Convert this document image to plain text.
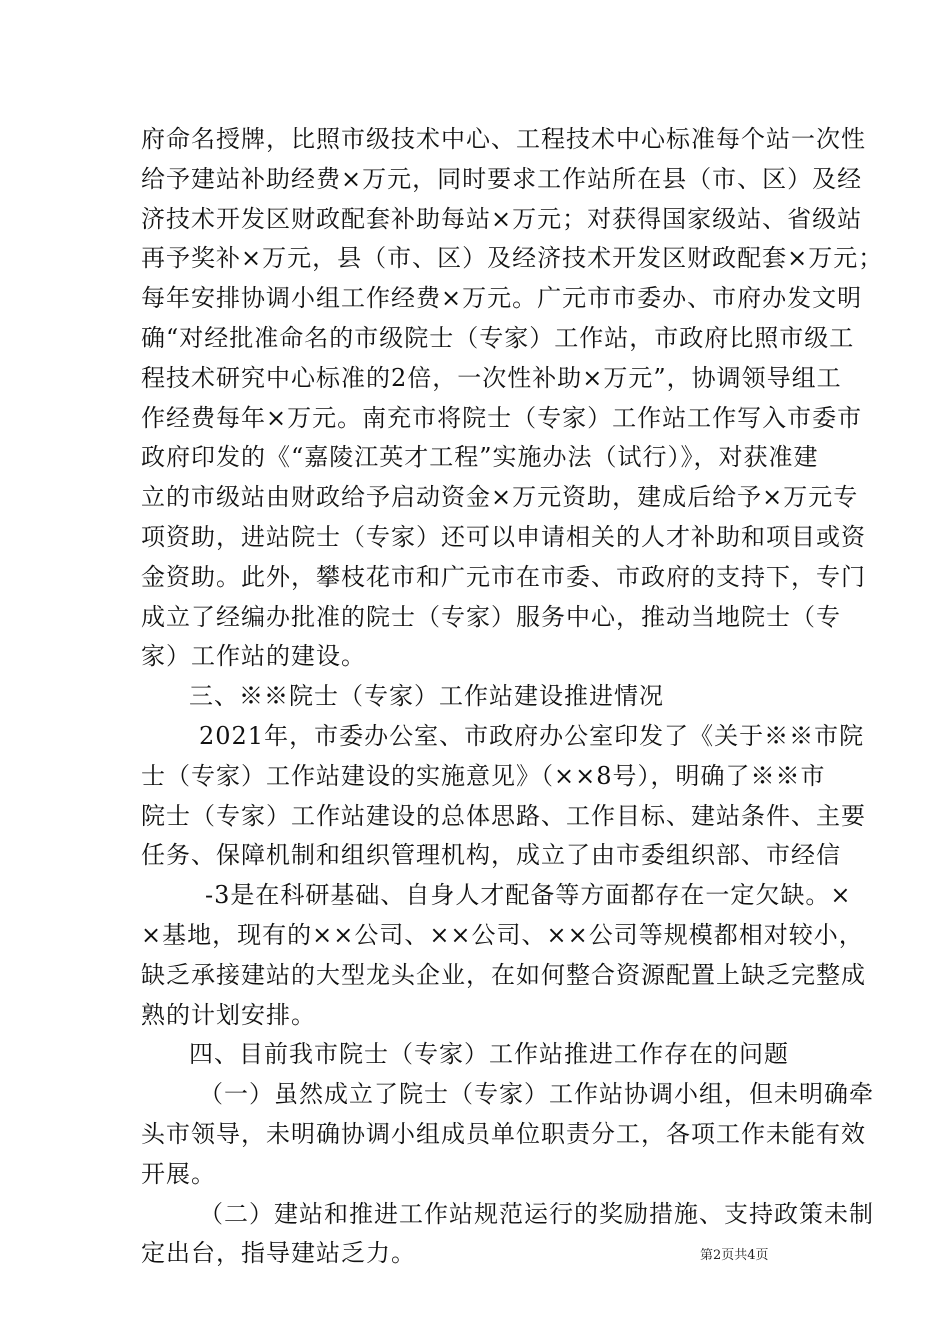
府命名授牌，比照市级技术中心、工程技术中心标准每个站一次性
给予建站补助经费×万元，同时要求工作站所在县（市、区）及经
济技术开发区财政配套补助每站×万元；对获得国家级站、省级站
再予奖补×万元，县（市、区）及经济技术开发区财政配套×万元；
每年安排协调小组工作经费×万元。广元市市委办、市府办发文明
确“对经批准命名的市级院士（专家）工作站，市政府比照市级工
程技术研究中心标准的2倍，一次性补助×万元”，协调领导组工
作经费每年×万元。南充市将院士（专家）工作站工作写入市委市
政府印发的《“嘉陵江英才工程”实施办法（试行）》，对获准建
立的市级站由财政给予启动资金×万元资助，建成后给予×万元专
项资助，进站院士（专家）还可以申请相关的人才补助和项目或资
金资助。此外，攀枝花市和广元市在市委、市政府的支持下，专门
成立了经编办批准的院士（专家）服务中心，推动当地院士（专
家）工作站的建设。
三、※※院士（专家）工作站建设推进情况
2021年，市委办公室、市政府办公室印发了《关于※※市院
士（专家）工作站建设的实施意见》（××8号），明确了※※市
院士（专家）工作站建设的总体思路、工作目标、建站条件、主要
任务、保障机制和组织管理机构，成立了由市委组织部、市经信
-3是在科研基础、自身人才配备等方面都存在一定欠缺。×
×基地，现有的××公司、××公司、××公司等规模都相对较小，
缺乏承接建站的大型龙头企业，在如何整合资源配置上缺乏完整成
熟的计划安排。
四、目前我市院士（专家）工作站推进工作存在的问题
（一）虽然成立了院士（专家）工作站协调小组，但未明确牵
头市领导，未明确协调小组成员单位职责分工，各项工作未能有效
开展。
（二）建站和推进工作站规范运行的奖励措施、支持政策未制
定出台，指导建站乏力。	第2页共4页
